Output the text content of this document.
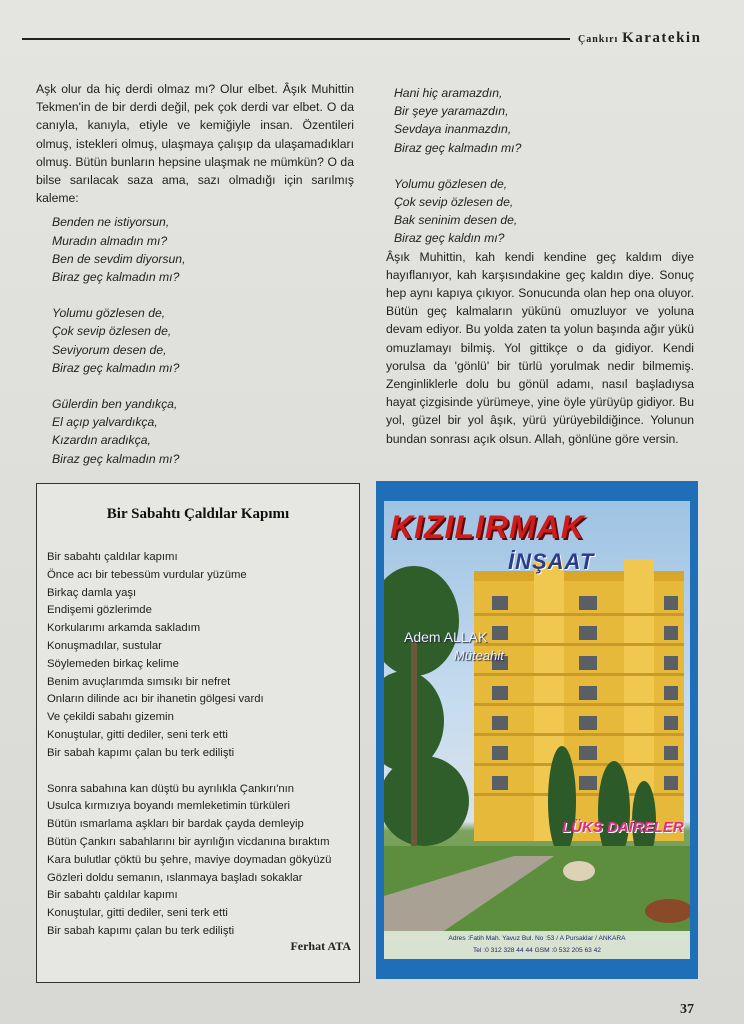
Çankırı Karatekin

Aşk olur da hiç derdi olmaz mı? Olur elbet. Âşık Muhittin Tekmen'in de bir derdi değil, pek çok derdi var elbet. O da canıyla, kanıyla, etiyle ve kemiğiyle insan. Özentileri olmuş, istekleri olmuş, ulaşmaya çalışıp da ulaşamadıkları olmuş. Bütün bunların hepsine ulaşmak ne mümkün? O da bilse sarılacak saza ama, sazı olmadığı için sarılmış kaleme:

Benden ne istiyorsun,
Muradın almadın mı?
Ben de sevdim diyorsun,
Biraz geç kalmadın mı?
Yolumu gözlesen de,
Çok sevip özlesen de,
Seviyorum desen de,
Biraz geç kalmadın mı?
Gülerdin ben yandıkça,
El açıp yalvardıkça,
Kızardın aradıkça,
Biraz geç kalmadın mı?
Hani hiç aramazdın,
Bir şeye yaramazdın,
Sevdaya inanmazdın,
Biraz geç kalmadın mı?
Yolumu gözlesen de,
Çok sevip özlesen de,
Bak seninim desen de,
Biraz geç kaldın mı?

Âşık Muhittin, kah kendi kendine geç kaldım diye hayıflanıyor, kah karşısındakine geç kaldın diye. Sonuç hep aynı kapıya çıkıyor. Sonucunda olan hep ona oluyor. Bütün geç kalmaların yükünü omuzluyor ve yoluna devam ediyor. Bu yolda zaten ta yolun başında ağır yükü omuzlamayı bilmiş. Yol gittikçe o da gidiyor. Kendi yorulsa da 'gönlü' bir türlü yorulmak nedir bilmemiş. Zenginliklerle dolu bu gönül adamı, nasıl başladıysa hayat çizgisinde yürümeye, yine öyle yürüyüp gidiyor. Bu yol, güzel bir yol âşık, yürü yürüyebildiğince. Yolunun bundan sonrası açık olsun. Allah, gönlüne göre versin.

Bir Sabahtı Çaldılar Kapımı
Bir sabahtı çaldılar kapımı
Önce acı bir tebessüm vurdular yüzüme
Birkaç damla yaşı
Endişemi gözlerimde
Korkularımı arkamda sakladım
Konuşmadılar, sustular
Söylemeden birkaç kelime
Benim avuçlarımda sımsıkı bir nefret
Onların dilinde acı bir ihanetin gölgesi vardı
Ve çekildi sabahı gizemin
Konuştular, gitti dediler, seni terk etti
Bir sabah kapımı çalan bu terk edilişti
Sonra sabahına kan düştü bu ayrılıkla Çankırı'nın
Usulca kırmızıya boyandı memleketimin türküleri
Bütün ısmarlama aşkları bir bardak çayda demleyip
Bütün Çankırı sabahlarını bir ayrılığın vicdanına bıraktım
Kara bulutlar çöktü bu şehre, maviye doymadan gökyüzü
Gözleri doldu semanın, ıslanmaya başladı sokaklar
Bir sabahtı çaldılar kapımı
Konuştular, gitti dediler, seni terk etti
Bir sabah kapımı çalan bu terk edilişti
Ferhat ATA
KIZILIRMAK
İNŞAAT
Adem ALLAK
Müteahit
LÜKS DAİRELER
Adres :Fatih Mah. Yavuz Bul. No :53 / A Pursaklar / ANKARA
Tel :0 312 328 44 44 GSM :0 532 205 63 42
37
